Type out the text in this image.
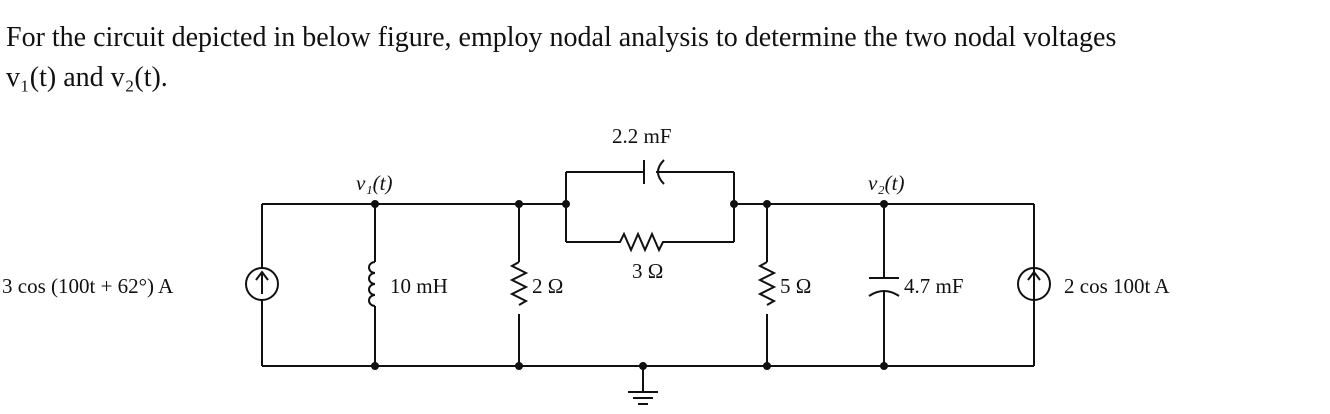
For the circuit depicted in below figure, employ nodal analysis to determine the two nodal voltages
v₁(t) and v₂(t).

3 cos (100t + 62°) A	10 mH
v₁(t)
2 Ω
2.2 mF
3 Ω
5 Ω
v₂(t)
4.7 mF	2 cos 100t A
